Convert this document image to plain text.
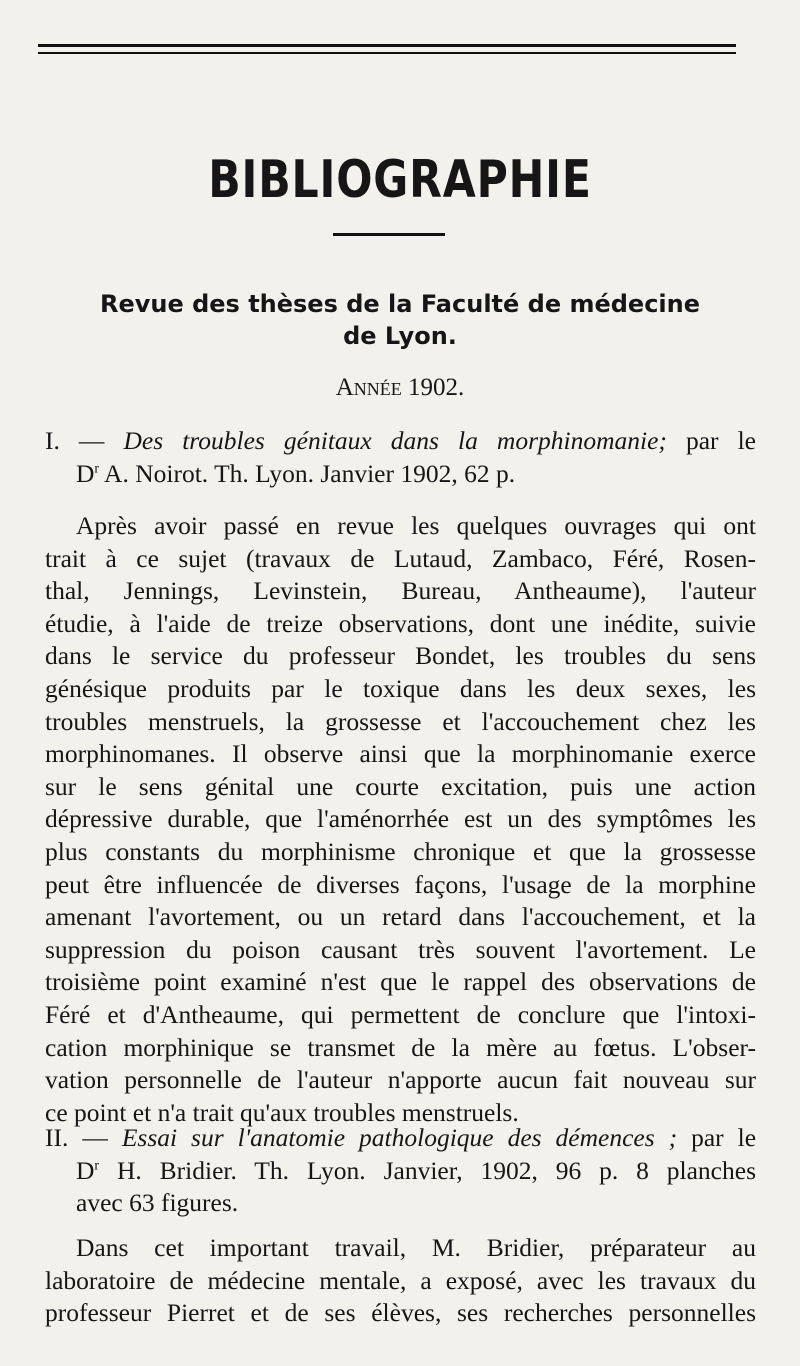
BIBLIOGRAPHIE
Revue des thèses de la Faculté de médecine
de Lyon.
Année 1902.
I. — Des troubles génitaux dans la morphinomanie; par le
$D^r$ A. Noirot. Th. Lyon. Janvier 1902, 62 p.
Après avoir passé en revue les quelques ouvrages qui ont
trait à ce sujet (travaux de Lutaud, Zambaco, Féré, Rosen-
thal, Jennings, Levinstein, Bureau, Antheaume), l'auteur
étudie, à l'aide de treize observations, dont une inédite, suivie
dans le service du professeur Bondet, les troubles du sens
génésique produits par le toxique dans les deux sexes, les
troubles menstruels, la grossesse et l'accouchement chez les
morphinomanes. Il observe ainsi que la morphinomanie exerce
sur le sens génital une courte excitation, puis une action
dépressive durable, que l'aménorrhée est un des symptômes les
plus constants du morphinisme chronique et que la grossesse
peut être influencée de diverses façons, l'usage de la morphine
amenant l'avortement, ou un retard dans l'accouchement, et la
suppression du poison causant très souvent l'avortement. Le
troisième point examiné n'est que le rappel des observations de
Féré et d'Antheaume, qui permettent de conclure que l'intoxi-
cation morphinique se transmet de la mère au fœtus. L'obser-
vation personnelle de l'auteur n'apporte aucun fait nouveau sur
ce point et n'a trait qu'aux troubles menstruels.
II. — Essai sur l'anatomie pathologique des démences ; par le
$D^r$ H. Bridier. Th. Lyon. Janvier, 1902, 96 p. 8 planches
avec 63 figures.
Dans cet important travail, M. Bridier, préparateur au
laboratoire de médecine mentale, a exposé, avec les travaux du
professeur Pierret et de ses élèves, ses recherches personnelles
